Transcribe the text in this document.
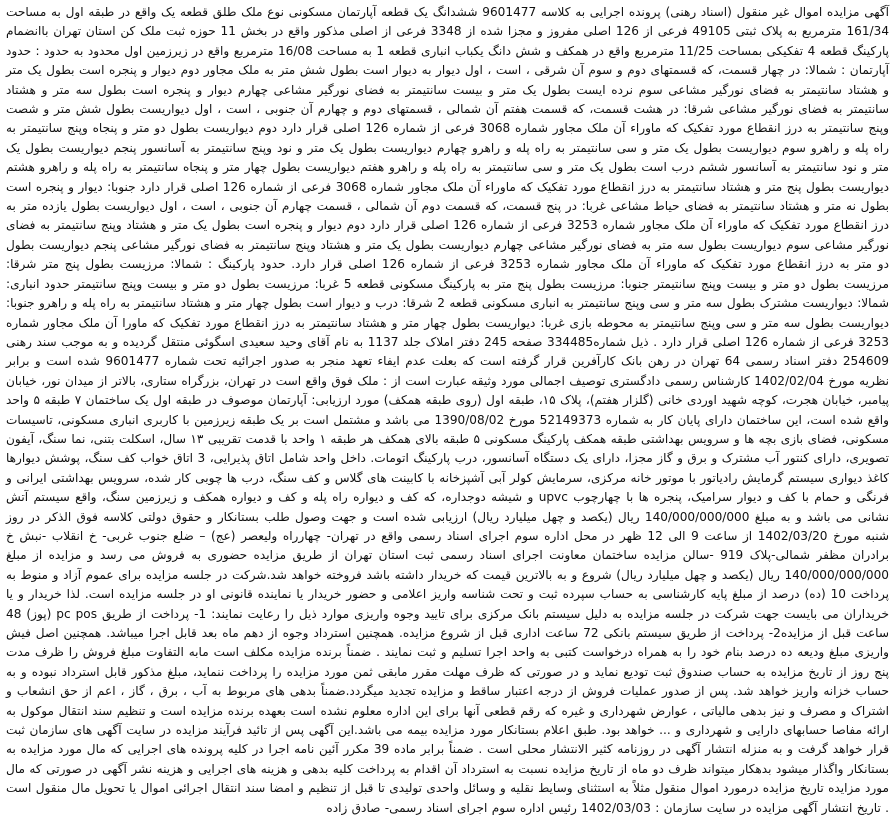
آگهی مزایده اموال غیر منقول (اسناد رهنی) پرونده اجرایی به کلاسه 9601477 ششدانگ یک قطعه آپارتمان مسکونی نوع ملک طلق قطعه یک واقع در طبقه اول به مساحت 161/34 مترمربع به پلاک ثبتی 49105 فرعی از 126 اصلی مفروز و مجزا شده از 3348 فرعی از اصلی مذکور واقع در بخش 11 حوزه ثبت ملک کن استان تهران باانضمام پارکینگ قطعه 4 تفکیکی بمساحت 11/25 مترمربع واقع در همکف و شش دانگ یکباب انباری قطعه 1 به مساحت 16/08 مترمربع واقع در زیرزمین اول محدود به حدود : حدود آپارتمان : شمالا: در چهار قسمت، که قسمتهای دوم و سوم آن شرقی ، است ، اول دیوار به دیوار است بطول شش متر به ملک مجاور دوم دیوار و پنجره است بطول یک متر و هشتاد سانتیمتر به فضای نورگیر مشاعی سوم نرده ایست بطول یک متر و بیست سانتیمتر به فضای نورگیر مشاعی چهارم دیوار و پنجره است بطول سه متر و هشتاد سانتیمتر به فضای نورگیر مشاعی شرقا: در هشت قسمت، که قسمت هفتم آن شمالی ، قسمتهای دوم و چهارم آن جنوبی ، است ، اول دیواریست بطول شش متر و شصت وپنج سانتیمتر به درز انقطاع مورد تفکیک که ماوراء آن ملک مجاور شماره 3068 فرعی از شماره 126 اصلی قرار دارد دوم دیواریست بطول دو متر و پنجاه وپنج سانتیمتر به راه پله و راهرو سوم دیواریست بطول یک متر و سی سانتیمتر به راه پله و راهرو چهارم دیواریست بطول یک متر و نود وپنج سانتیمتر به آسانسور پنجم دیواریست بطول یک متر و نود سانتیمتر به آسانسور ششم درب است بطول یک متر و سی سانتیمتر به راه پله و راهرو هفتم دیواریست بطول چهار متر و پنجاه سانتیمتر به راه پله و راهرو هشتم دیواریست بطول پنج متر و هشتاد سانتیمتر به درز انقطاع مورد تفکیک که ماوراء آن ملک مجاور شماره 3068 فرعی از شماره 126 اصلی قرار دارد جنوبا: دیوار و پنجره است بطول نه متر و هشتاد سانتیمتر به فضای حیاط مشاعی غربا: در پنج قسمت، که قسمت دوم آن شمالی ، قسمت چهارم آن جنوبی ، است ، اول دیواریست بطول یازده متر به درز انقطاع مورد تفکیک که ماوراء آن ملک مجاور شماره 3253 فرعی از شماره 126 اصلی قرار دارد دوم دیوار و پنجره است بطول یک متر و هشتاد وپنج سانتیمتر به فضای نورگیر مشاعی سوم دیواریست بطول سه متر به فضای نورگیر مشاعی چهارم دیواریست بطول یک متر و هشتاد وپنج سانتیمتر به فضای نورگیر مشاعی پنجم دیواریست بطول دو متر به درز انقطاع مورد تفکیک که ماوراء آن ملک مجاور شماره 3253 فرعی از شماره 126 اصلی قرار دارد. حدود پارکینگ : شمالا: مرزیست بطول پنج متر شرقا: مرزیست بطول دو متر و بیست وپنج سانتیمتر جنوبا: مرزیست بطول پنج متر به پارکینگ مسکونی قطعه 5 غربا: مرزیست بطول دو متر و بیست وپنج سانتیمتر حدود انباری: شمالا: دیواریست مشترک بطول سه متر و سی وپنج سانتیمتر به انباری مسکونی قطعه 2 شرقا: درب و دیوار است بطول چهار متر و هشتاد سانتیمتر به راه پله و راهرو جنوبا: دیواریست بطول سه متر و سی وپنج سانتیمتر به محوطه بازی غربا: دیواریست بطول چهار متر و هشتاد سانتیمتر به درز انقطاع مورد تفکیک که ماورا آن ملک مجاور شماره 3253 فرعی از شماره 126 اصلی قرار دارد . ذیل شماره334485 صفحه 245 دفتر املاک جلد 1137 به نام آقای وحید سعیدی اسگوئی منتقل گردیده و به موجب سند رهنی 254609 دفتر اسناد رسمی 64 تهران در رهن بانک کارآفرین قرار گرفته است که بعلت عدم ایفاء تعهد منجر به صدور اجرائیه تحت شماره 9601477 شده است و برابر نظریه مورخ 1402/02/04 کارشناس رسمی دادگستری توصیف اجمالی مورد وثیقه عبارت است از : ملک فوق واقع است در تهران، بزرگراه ستاری، بالاتر از میدان نور، خیابان پیامبر، خیابان هجرت، کوچه شهید اوردی خانی (گلزار هفتم)، پلاک ۱۵، طبقه اول (روی طبقه همکف) مورد ارزیابی: آپارتمان موصوف در طبقه اول یک ساختمان ۷ طبقه ۵ واحد واقع شده است، این ساختمان دارای پایان کار به شماره 52149373 مورخ 1390/08/02 می باشد و مشتمل است بر یک طبقه زیرزمین با کاربری انباری مسکونی، تاسیسات مسکونی، فضای بازی بچه ها و سرویس بهداشتی طبقه همکف پارکینگ مسکونی ۵ طبقه بالای همکف هر طبقه ۱ واحد با قدمت تقریبی ۱۳ سال، اسکلت بتنی، نما سنگ، آیفون تصویری، دارای کنتور آب مشترک و برق و گاز مجزا، دارای یک دستگاه آسانسور، درب پارکینگ اتومات. داخل واحد شامل اتاق پذیرایی، 3 اتاق خواب کف سنگ، پوشش دیوارها کاغذ دیواری سیستم گرمایش رادیاتور با موتور خانه مرکزی، سرمایش کولر آبی آشپزخانه با کابینت های گلاس و کف سنگ، درب ها چوبی کار شده، سرویس بهداشتی ایرانی و فرنگی و حمام با کف و دیوار سرامیک، پنجره ها با چهارچوب upvc و شیشه دوجداره، که کف و دیواره راه پله و کف و دیواره همکف و زیرزمین سنگ، واقع سیستم آتش نشانی می باشد و به مبلغ 140/000/000/000 ریال (یکصد و چهل میلیارد ریال) ارزیابی شده است و جهت وصول طلب بستانکار و حقوق دولتی کلاسه فوق الذکر در روز شنبه مورخ 1402/03/20 از ساعت 9 الی 12 ظهر در محل اداره سوم اجرای اسناد رسمی واقع در تهران- چهارراه ولیعصر (عج) – ضلع جنوب غربی- خ انقلاب -نبش خ برادران مظفر شمالی-پلاک 919 -سالن مزایده ساختمان معاونت اجرای اسناد رسمی ثبت استان تهران از طریق مزایده حضوری به فروش می رسد و مزایده از مبلغ 140/000/000/000 ریال (یکصد و چهل میلیارد ریال) شروع و به بالاترین قیمت که خریدار داشته باشد فروخته خواهد شد.شرکت در جلسه مزایده برای عموم آزاد و منوط به پرداخت 10 (ده) درصد از مبلغ پایه کارشناسی به حساب سپرده ثبت و تحت شناسه واریز اعلامی و حضور خریدار یا نماینده قانونی او در جلسه مزایده است. لذا خریدار و یا خریداران می بایست جهت شرکت در جلسه مزایده به دلیل سیستم بانک مرکزی برای تایید وجوه واریزی موارد ذیل را رعایت نمایند: 1- پرداخت از طریق pc pos (پوز) 48 ساعت قبل از مزایده2- پرداخت از طریق سیستم بانکی 72 ساعت اداری قبل از شروع مزایده. همچنین استرداد وجوه از دهم ماه بعد قابل اجرا میباشد. همچنین اصل فیش واریزی مبلغ ودیعه ده درصد بنام خود را به همراه درخواست کتبی به واحد اجرا تسلیم و ثبت نمایند . ضمناً برنده مزایده مکلف است مابه التفاوت مبلغ فروش را ظرف مدت پنج روز از تاریخ مزایده به حساب صندوق ثبت تودیع نماید و در صورتی که ظرف مهلت مقرر مابقی ثمن مورد مزایده را پرداخت ننماید، مبلغ مذکور قابل استرداد نبوده و به حساب خزانه واریز خواهد شد. پس از صدور عملیات فروش از درجه اعتبار ساقط و مزایده تجدید میگردد.ضمناً بدهی های مربوط به آب ، برق ، گاز ، اعم از حق انشعاب و اشتراک و مصرف و نیز بدهی مالیاتی ، عوارض شهرداری و غیره که رقم قطعی آنها برای این اداره معلوم نشده است بعهده برنده مزایده است و تنظیم سند انتقال موکول به ارائه مفاصا حسابهای دارایی و شهرداری و ... خواهد بود. طبق اعلام بستانکار مورد مزایده بیمه می باشد.این آگهی پس از تائید فرآیند مزایده در سایت آگهی های سازمان ثبت قرار خواهد گرفت و به منزله انتشار آگهی در روزنامه کثیر الانتشار محلی است . ضمناً برابر ماده 39 مکرر آئین نامه اجرا در کلیه پرونده های اجرایی که مال مورد مزایده به بستانکار واگذار میشود بدهکار میتواند ظرف دو ماه از تاریخ مزایده نسبت به استرداد آن اقدام به پرداخت کلیه بدهی و هزینه های اجرایی و هزینه نشر آگهی در صورتی که مال مورد مزایده تاریخ مزایده درمورد اموال منقول مثلاً به استثنای وسایط نقلیه و وسائل واحدی تولیدی تا قبل از تنظیم و امضا سند انتقال اجرائی اموال یا تحویل مال منقول است . تاریخ انتشار آگهی مزایده در سایت سازمان : 1402/03/03 رئیس اداره سوم اجرای اسناد رسمی- صادق زاده
